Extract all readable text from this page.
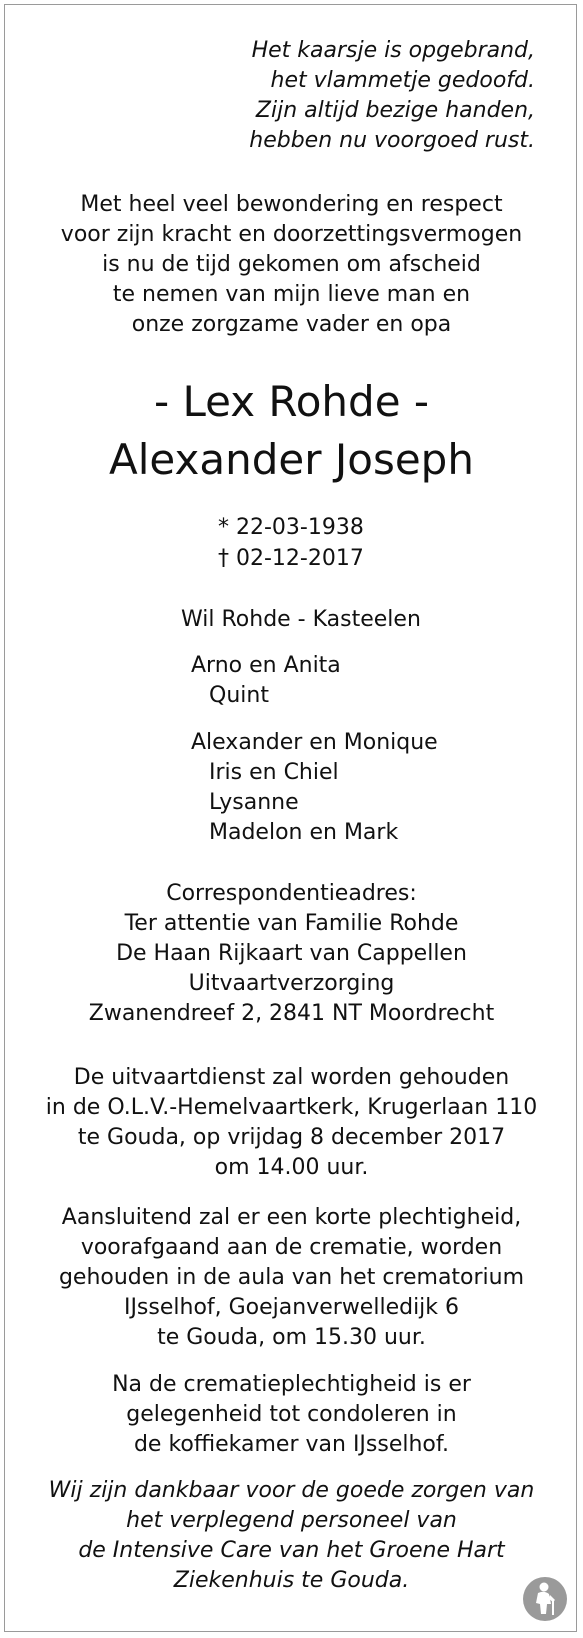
Het kaarsje is opgebrand,
het vlammetje gedoofd.
Zijn altijd bezige handen,
hebben nu voorgoed rust.
Met heel veel bewondering en respect
voor zijn kracht en doorzettingsvermogen
is nu de tijd gekomen om afscheid
te nemen van mijn lieve man en
onze zorgzame vader en opa
- Lex Rohde -
Alexander Joseph
* 22-03-1938
† 02-12-2017
Wil Rohde - Kasteelen
Arno en Anita
Quint
Alexander en Monique
Iris en Chiel
Lysanne
Madelon en Mark
Correspondentieadres:
Ter attentie van Familie Rohde
De Haan Rijkaart van Cappellen
Uitvaartverzorging
Zwanendreef 2, 2841 NT Moordrecht
De uitvaartdienst zal worden gehouden
in de O.L.V.-Hemelvaartkerk, Krugerlaan 110
te Gouda, op vrijdag 8 december 2017
om 14.00 uur.
Aansluitend zal er een korte plechtigheid,
voorafgaand aan de crematie, worden
gehouden in de aula van het crematorium
IJsselhof, Goejanverwelledijk 6
te Gouda, om 15.30 uur.
Na de crematieplechtigheid is er
gelegenheid tot condoleren in
de koffiekamer van IJsselhof.
Wij zijn dankbaar voor de goede zorgen van
het verplegend personeel van
de Intensive Care van het Groene Hart
Ziekenhuis te Gouda.
